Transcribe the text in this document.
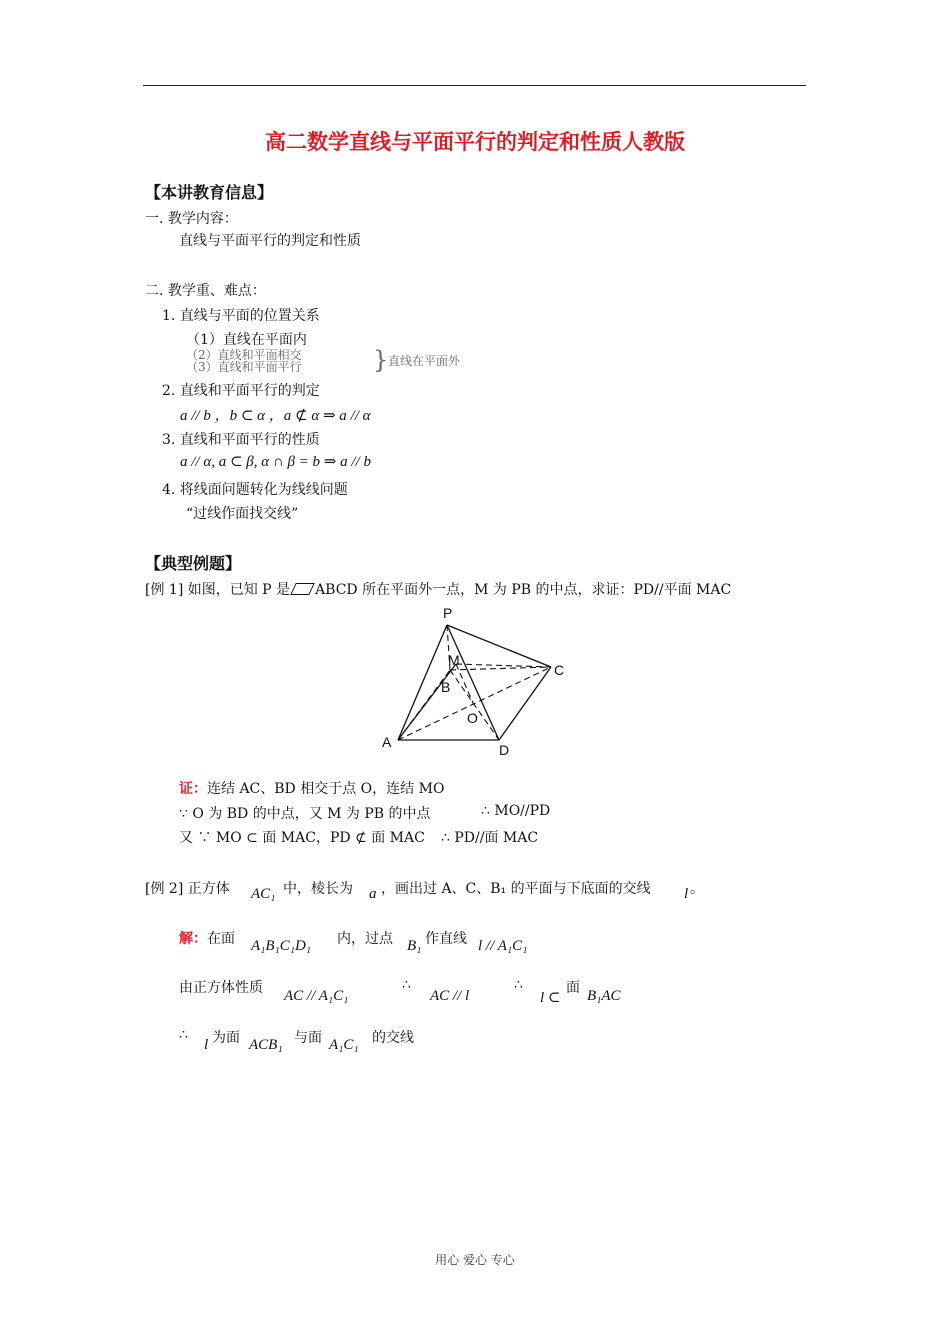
高二数学直线与平面平行的判定和性质人教版
【本讲教育信息】
一. 教学内容：
直线与平面平行的判定和性质
二. 教学重、难点：
1. 直线与平面的位置关系
（1）直线在平面内
（2）直线和平面相交
（3）直线和平面平行	} 直线在平面外
2. 直线和平面平行的判定
a // b ，b ⊂ α ，a ⊄ α ⇒ a // α
3. 直线和平面平行的性质
a // α, a ⊂ β, α ∩ β = b ⇒ a // b
4. 将线面问题转化为线线问题
“过线作面找交线”
【典型例题】
[例 1] 如图，已知 P 是 ABCD 所在平面外一点，M 为 PB 的中点，求证：PD//平面 MAC
P
M
B
C
O
A	D
证：连结 AC、BD 相交于点 O，连结 MO
∵ O 为 BD 的中点，又 M 为 PB 的中点	∴ MO//PD
又 ∵ MO ⊂ 面 MAC，PD ⊄ 面 MAC ∴ PD//面 MAC
[例 2] 正方体 AC₁ 中，棱长为 a ，画出过 A、C、B₁ 的平面与下底面的交线 l 。
解：在面 A₁B₁C₁D₁ 内，过点 B₁ 作直线 l // A₁C₁
由正方体性质 AC // A₁C₁
∴
AC // l
∴
l ⊂
面 B₁AC
∴
l 为面 ACB₁ 与面 A₁C₁ 的交线
用心 爱心 专心
